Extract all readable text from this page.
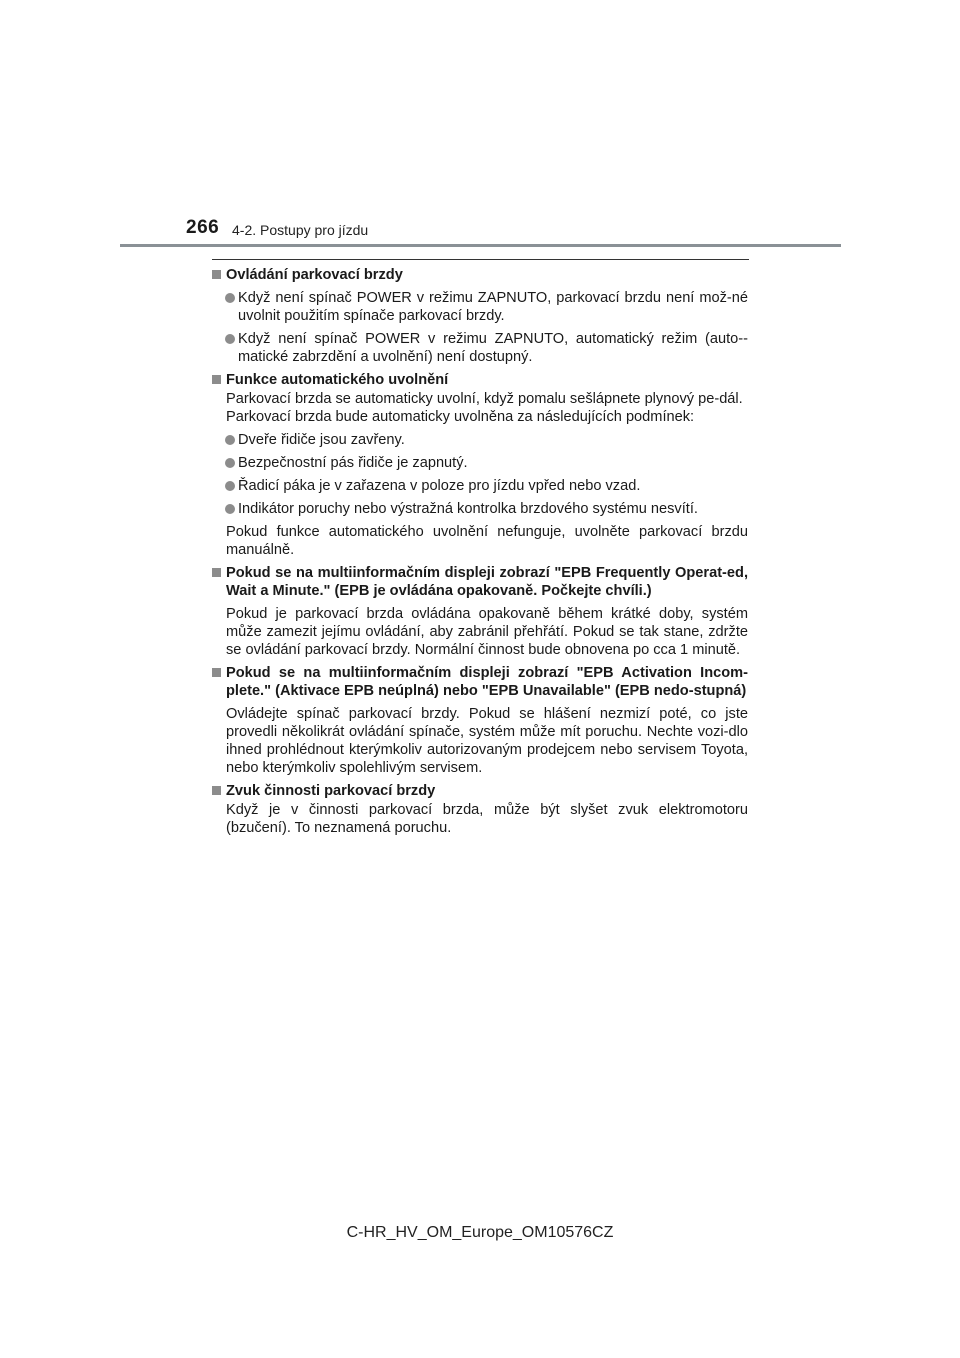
266 4-2. Postupy pro jízdu
Ovládání parkovací brzdy
Když není spínač POWER v režimu ZAPNUTO, parkovací brzdu není mož-né uvolnit použitím spínače parkovací brzdy.
Když není spínač POWER v režimu ZAPNUTO, automatický režim (auto-matické zabrzdění a uvolnění) není dostupný.
Funkce automatického uvolnění
Parkovací brzda se automaticky uvolní, když pomalu sešlápnete plynový pe-dál.
Parkovací brzda bude automaticky uvolněna za následujících podmínek:
Dveře řidiče jsou zavřeny.
Bezpečnostní pás řidiče je zapnutý.
Řadicí páka je v zařazena v poloze pro jízdu vpřed nebo vzad.
Indikátor poruchy nebo výstražná kontrolka brzdového systému nesvítí.
Pokud funkce automatického uvolnění nefunguje, uvolněte parkovací brzdu manuálně.
Pokud se na multiinformačním displeji zobrazí "EPB Frequently Operat-ed, Wait a Minute." (EPB je ovládána opakovaně. Počkejte chvíli.)
Pokud je parkovací brzda ovládána opakovaně během krátké doby, systém může zamezit jejímu ovládání, aby zabránil přehřátí. Pokud se tak stane, zdržte se ovládání parkovací brzdy. Normální činnost bude obnovena po cca 1 minutě.
Pokud se na multiinformačním displeji zobrazí "EPB Activation Incom-plete." (Aktivace EPB neúplná) nebo "EPB Unavailable" (EPB nedo-stupná)
Ovládejte spínač parkovací brzdy. Pokud se hlášení nezmizí poté, co jste provedli několikrát ovládání spínače, systém může mít poruchu. Nechte vozi-dlo ihned prohlédnout kterýmkoliv autorizovaným prodejcem nebo servisem Toyota, nebo kterýmkoliv spolehlivým servisem.
Zvuk činnosti parkovací brzdy
Když je v činnosti parkovací brzda, může být slyšet zvuk elektromotoru (bzučení). To neznamená poruchu.
C-HR_HV_OM_Europe_OM10576CZ
